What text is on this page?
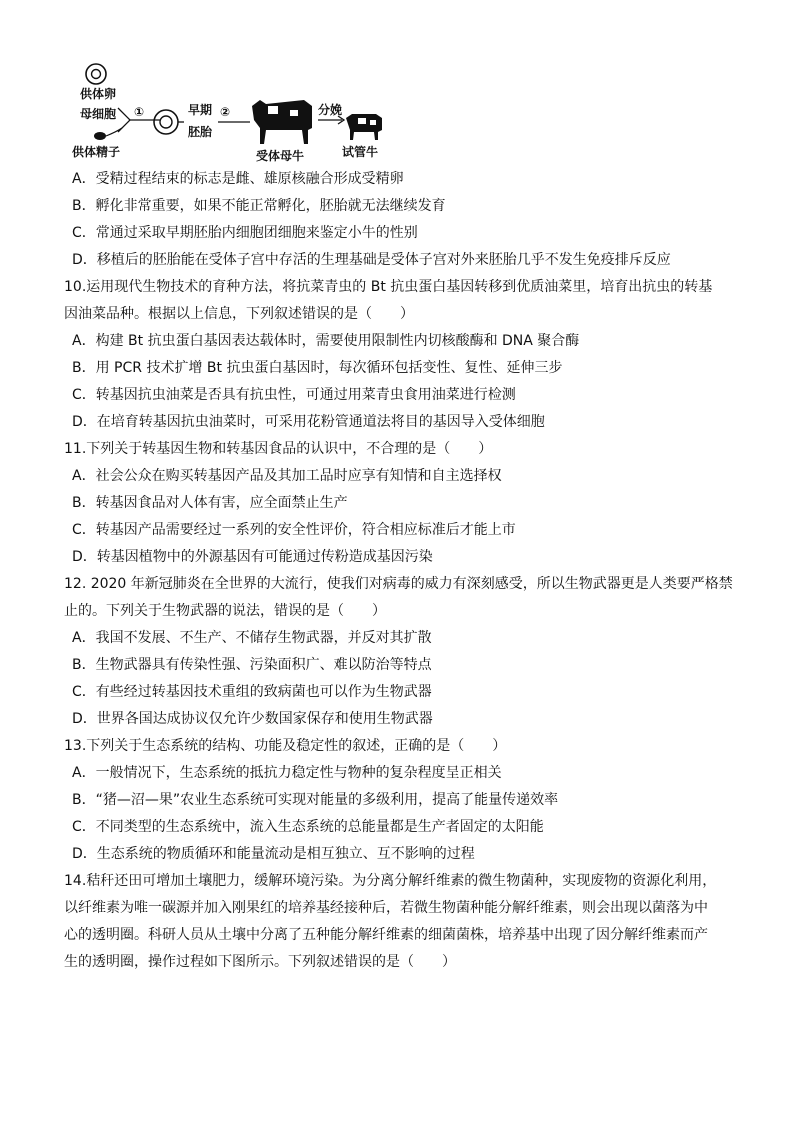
供体卵
母细胞
供体精子
①	早期
胚胎
②
受体母牛
分娩
试管牛
A．受精过程结束的标志是雌、雄原核融合形成受精卵
B．孵化非常重要，如果不能正常孵化，胚胎就无法继续发育
C．常通过采取早期胚胎内细胞团细胞来鉴定小牛的性别
D．移植后的胚胎能在受体子宫中存活的生理基础是受体子宫对外来胚胎几乎不发生免疫排斥反应
10.运用现代生物技术的育种方法，将抗菜青虫的 Bt 抗虫蛋白基因转移到优质油菜里，培育出抗虫的转基
因油菜品种。根据以上信息，下列叙述错误的是（　　）
A．构建 Bt 抗虫蛋白基因表达载体时，需要使用限制性内切核酸酶和 DNA 聚合酶
B．用 PCR 技术扩增 Bt 抗虫蛋白基因时，每次循环包括变性、复性、延伸三步
C．转基因抗虫油菜是否具有抗虫性，可通过用菜青虫食用油菜进行检测
D．在培育转基因抗虫油菜时，可采用花粉管通道法将目的基因导入受体细胞
11.下列关于转基因生物和转基因食品的认识中，不合理的是（　　）
A．社会公众在购买转基因产品及其加工品时应享有知情和自主选择权
B．转基因食品对人体有害，应全面禁止生产
C．转基因产品需要经过一系列的安全性评价，符合相应标准后才能上市
D．转基因植物中的外源基因有可能通过传粉造成基因污染
12. 2020 年新冠肺炎在全世界的大流行，使我们对病毒的威力有深刻感受，所以生物武器更是人类要严格禁
止的。下列关于生物武器的说法，错误的是（　　）
A．我国不发展、不生产、不储存生物武器，并反对其扩散
B．生物武器具有传染性强、污染面积广、难以防治等特点
C．有些经过转基因技术重组的致病菌也可以作为生物武器
D．世界各国达成协议仅允许少数国家保存和使用生物武器
13.下列关于生态系统的结构、功能及稳定性的叙述，正确的是（　　）
A．一般情况下，生态系统的抵抗力稳定性与物种的复杂程度呈正相关
B．“猪—沼—果”农业生态系统可实现对能量的多级利用，提高了能量传递效率
C．不同类型的生态系统中，流入生态系统的总能量都是生产者固定的太阳能
D．生态系统的物质循环和能量流动是相互独立、互不影响的过程
14.秸秆还田可增加土壤肥力，缓解环境污染。为分离分解纤维素的微生物菌种，实现废物的资源化利用，
以纤维素为唯一碳源并加入刚果红的培养基经接种后，若微生物菌种能分解纤维素，则会出现以菌落为中
心的透明圈。科研人员从土壤中分离了五种能分解纤维素的细菌菌株，培养基中出现了因分解纤维素而产
生的透明圈，操作过程如下图所示。下列叙述错误的是（　　）
